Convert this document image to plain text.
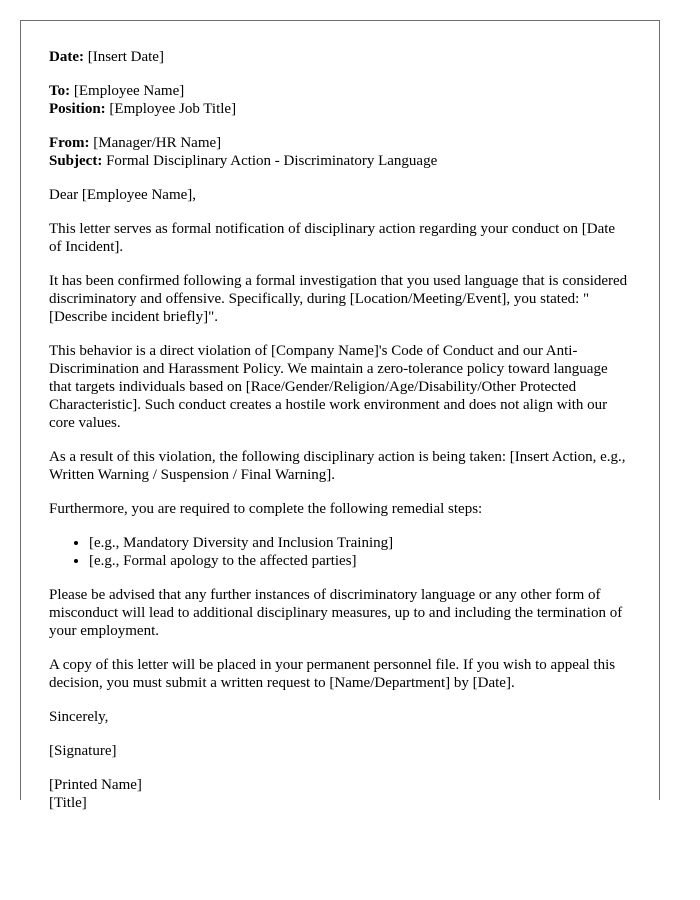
Date: [Insert Date]

To: [Employee Name]
Position: [Employee Job Title]
From: [Manager/HR Name]
Subject: Formal Disciplinary Action - Discriminatory Language

Dear [Employee Name],

This letter serves as formal notification of disciplinary action regarding your conduct on [Date of Incident].

It has been confirmed following a formal investigation that you used language that is considered discriminatory and offensive. Specifically, during [Location/Meeting/Event], you stated: "[Describe incident briefly]".

This behavior is a direct violation of [Company Name]'s Code of Conduct and our Anti-Discrimination and Harassment Policy. We maintain a zero-tolerance policy toward language that targets individuals based on [Race/Gender/Religion/Age/Disability/Other Protected Characteristic]. Such conduct creates a hostile work environment and does not align with our core values.

As a result of this violation, the following disciplinary action is being taken: [Insert Action, e.g., Written Warning / Suspension / Final Warning].

Furthermore, you are required to complete the following remedial steps:

• [e.g., Mandatory Diversity and Inclusion Training]
• [e.g., Formal apology to the affected parties]

Please be advised that any further instances of discriminatory language or any other form of misconduct will lead to additional disciplinary measures, up to and including the termination of your employment.

A copy of this letter will be placed in your permanent personnel file. If you wish to appeal this decision, you must submit a written request to [Name/Department] by [Date].

Sincerely,

[Signature]

[Printed Name]
[Title]
